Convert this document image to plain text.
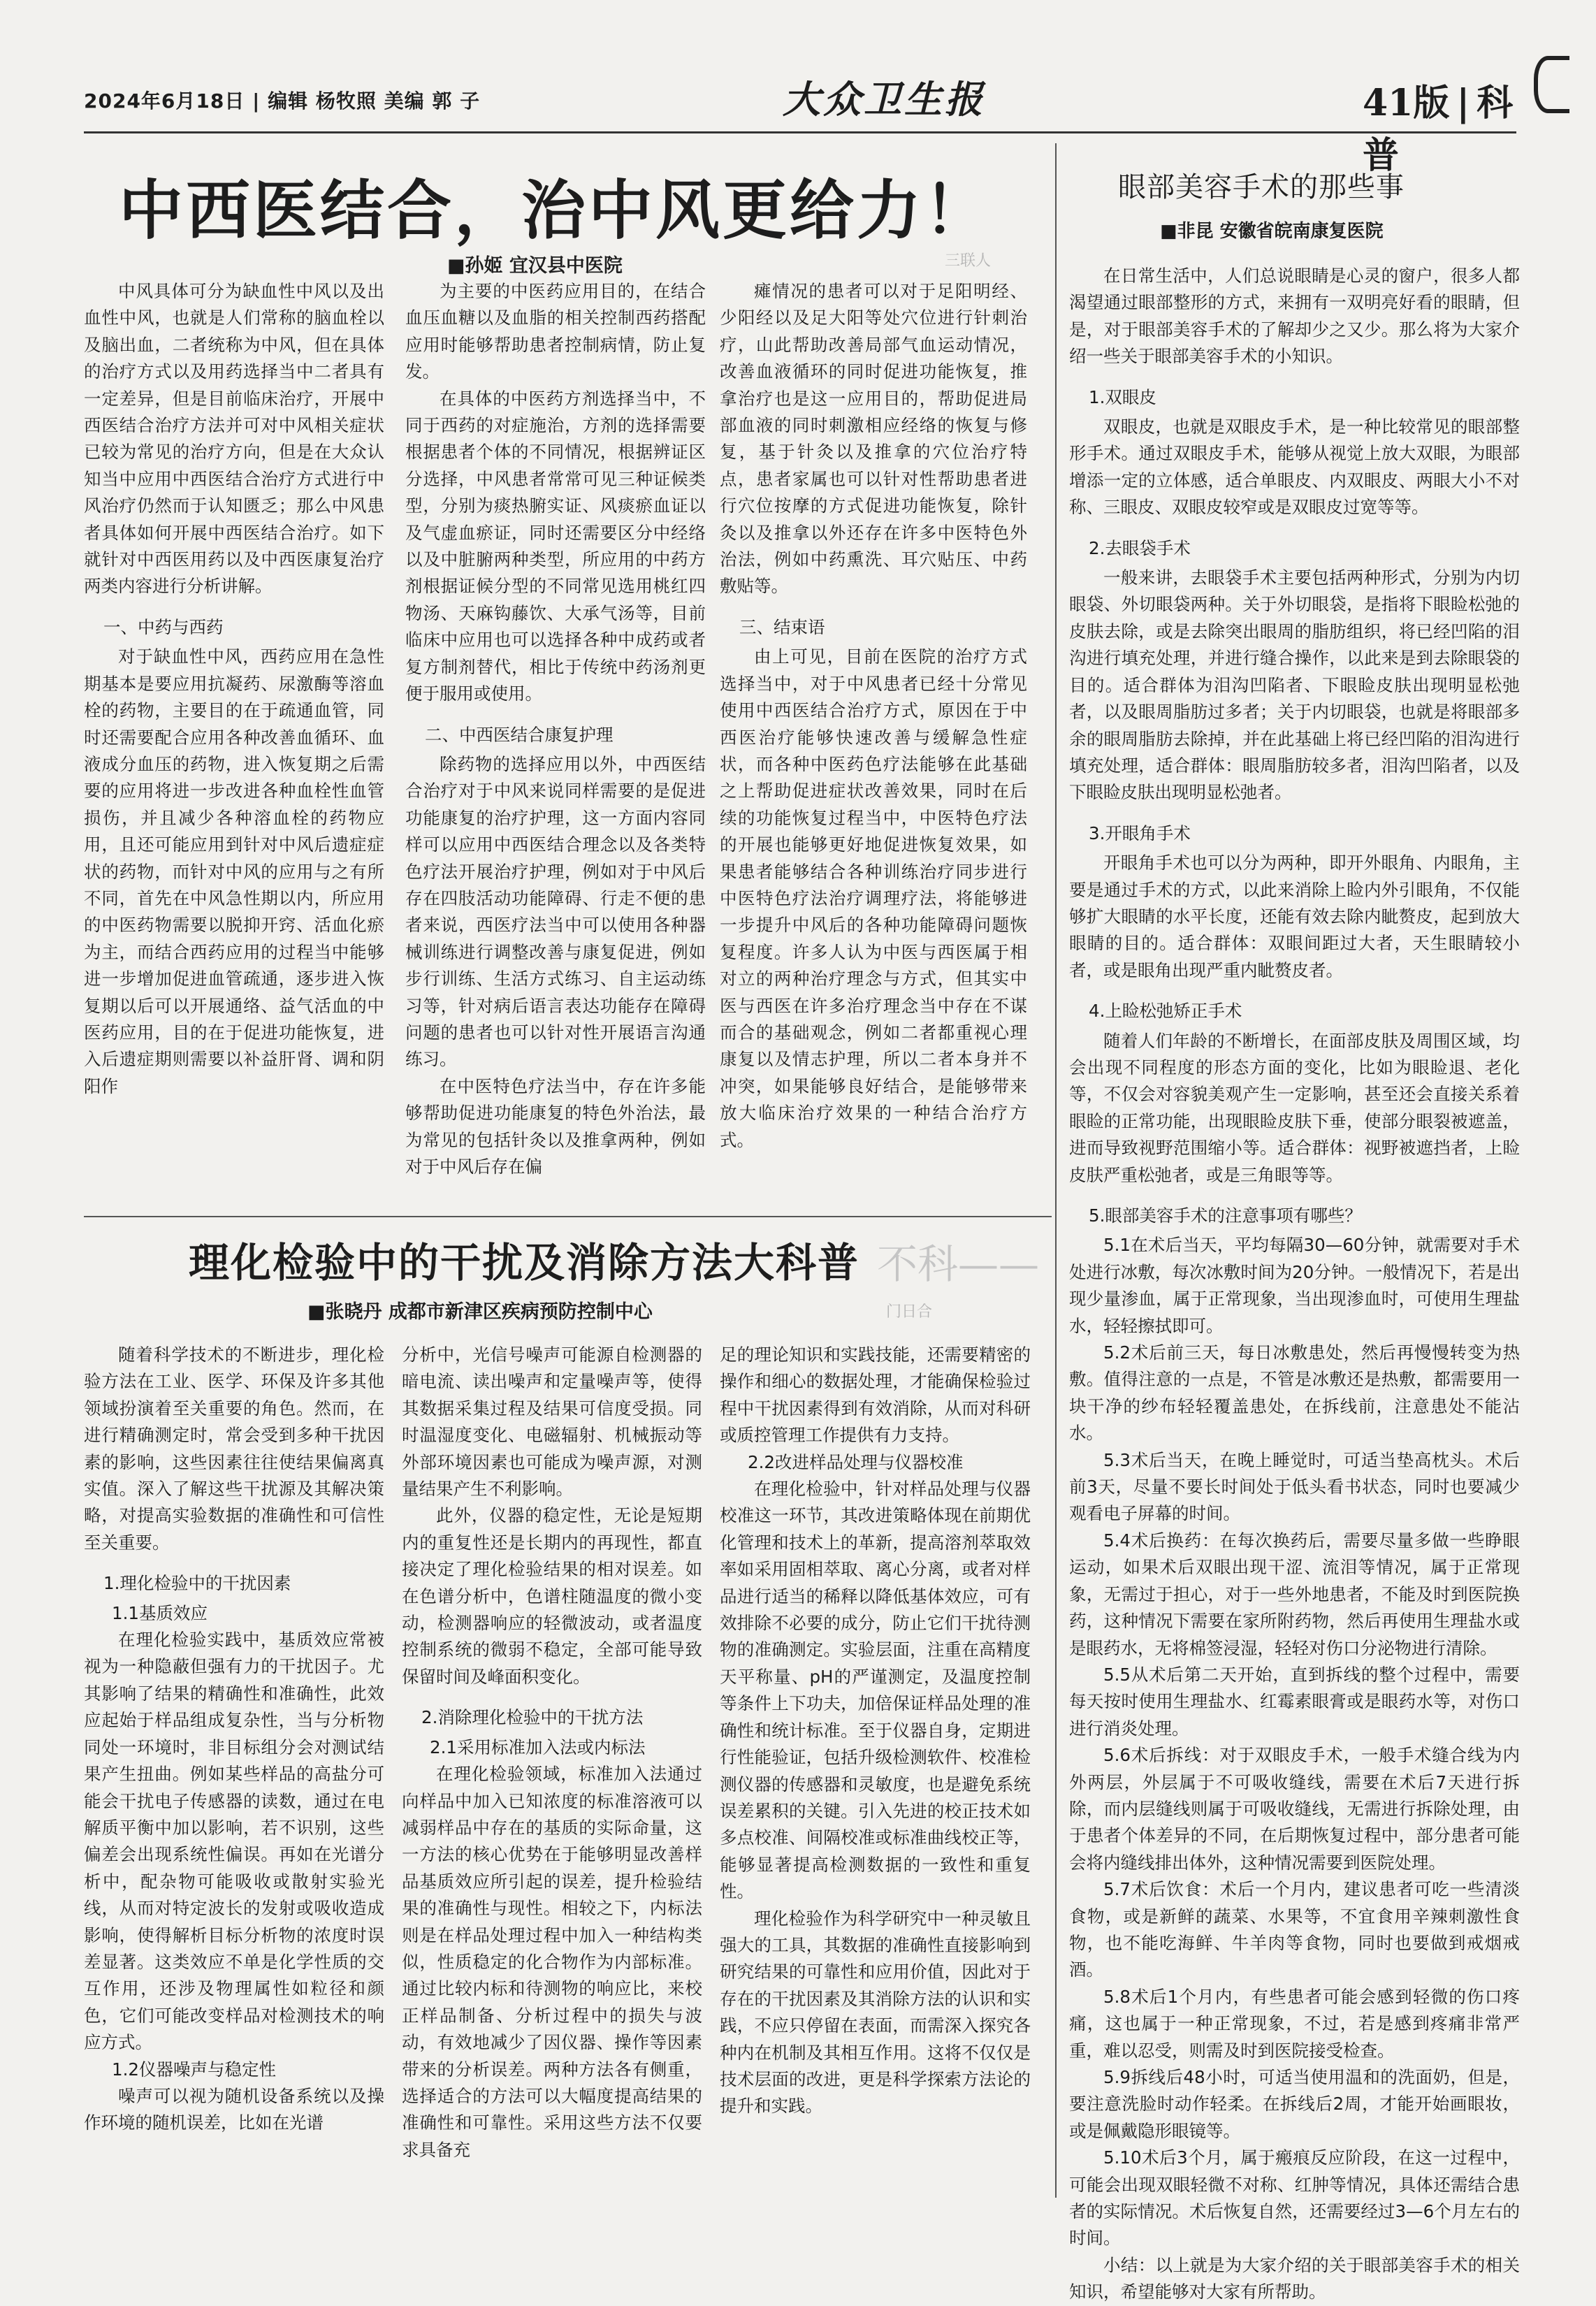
2024年6月18日 | 编辑 杨牧照 美编 郭 子	大众卫生报	41版 | 科普
中西医结合，治中风更给力！
■孙姬 宜汉县中医院	三联人
眼部美容手术的那些事
■非昆 安徽省皖南康复医院

中风具体可分为缺血性中风以及出血性中风，也就是人们常称的脑血栓以及脑出血，二者统称为中风，但在具体的治疗方式以及用药选择当中二者具有一定差异，但是目前临床治疗，开展中西医结合治疗方法并可对中风相关症状已较为常见的治疗方向，但是在大众认知当中应用中西医结合治疗方式进行中风治疗仍然而于认知匮乏；那么中风患者具体如何开展中西医结合治疗。如下就针对中西医用药以及中西医康复治疗两类内容进行分析讲解。

一、中药与西药

对于缺血性中风，西药应用在急性期基本是要应用抗凝药、尿激酶等溶血栓的药物，主要目的在于疏通血管，同时还需要配合应用各种改善血循环、血液成分血压的药物，进入恢复期之后需要的应用将进一步改进各种血栓性血管损伤，并且减少各种溶血栓的药物应用，且还可能应用到针对中风后遗症症状的药物，而针对中风的应用与之有所不同，首先在中风急性期以内，所应用的中医药物需要以脱抑开窍、活血化瘀为主，而结合西药应用的过程当中能够进一步增加促进血管疏通，逐步进入恢复期以后可以开展通络、益气活血的中医药应用，目的在于促进功能恢复，进入后遗症期则需要以补益肝肾、调和阴阳作

为主要的中医药应用目的，在结合血压血糖以及血脂的相关控制西药搭配应用时能够帮助患者控制病情，防止复发。

在具体的中医药方剂选择当中，不同于西药的对症施治，方剂的选择需要根据患者个体的不同情况，根据辨证区分选择，中风患者常常可见三种证候类型，分别为痰热腑实证、风痰瘀血证以及气虚血瘀证，同时还需要区分中经络以及中脏腑两种类型，所应用的中药方剂根据证候分型的不同常见选用桃红四物汤、天麻钩藤饮、大承气汤等，目前临床中应用也可以选择各种中成药或者复方制剂替代，相比于传统中药汤剂更便于服用或使用。

二、中西医结合康复护理

除药物的选择应用以外，中西医结合治疗对于中风来说同样需要的是促进功能康复的治疗护理，这一方面内容同样可以应用中西医结合理念以及各类特色疗法开展治疗护理，例如对于中风后存在四肢活动功能障碍、行走不便的患者来说，西医疗法当中可以使用各种器械训练进行调整改善与康复促进，例如步行训练、生活方式练习、自主运动练习等，针对病后语言表达功能存在障碍问题的患者也可以针对性开展语言沟通练习。

在中医特色疗法当中，存在许多能够帮助促进功能康复的特色外治法，最为常见的包括针灸以及推拿两种，例如对于中风后存在偏

瘫情况的患者可以对于足阳明经、少阳经以及足大阳等处穴位进行针刺治疗，山此帮助改善局部气血运动情况，改善血液循环的同时促进功能恢复，推拿治疗也是这一应用目的，帮助促进局部血液的同时刺激相应经络的恢复与修复，基于针灸以及推拿的穴位治疗特点，患者家属也可以针对性帮助患者进行穴位按摩的方式促进功能恢复，除针灸以及推拿以外还存在许多中医特色外治法，例如中药熏洗、耳穴贴压、中药敷贴等。

三、结束语

由上可见，目前在医院的治疗方式选择当中，对于中风患者已经十分常见使用中西医结合治疗方式，原因在于中西医治疗能够快速改善与缓解急性症状，而各种中医药色疗法能够在此基础之上帮助促进症状改善效果，同时在后续的功能恢复过程当中，中医特色疗法的开展也能够更好地促进恢复效果，如果患者能够结合各种训练治疗同步进行中医特色疗法治疗调理疗法，将能够进一步提升中风后的各种功能障碍问题恢复程度。许多人认为中医与西医属于相对立的两种治疗理念与方式，但其实中医与西医在许多治疗理念当中存在不谋而合的基础观念，例如二者都重视心理康复以及情志护理，所以二者本身并不冲突，如果能够良好结合，是能够带来放大临床治疗效果的一种结合治疗方式。

在日常生活中，人们总说眼睛是心灵的窗户，很多人都渴望通过眼部整形的方式，来拥有一双明亮好看的眼睛，但是，对于眼部美容手术的了解却少之又少。那么将为大家介绍一些关于眼部美容手术的小知识。

1.双眼皮

双眼皮，也就是双眼皮手术，是一种比较常见的眼部整形手术。通过双眼皮手术，能够从视觉上放大双眼，为眼部增添一定的立体感，适合单眼皮、内双眼皮、两眼大小不对称、三眼皮、双眼皮较窄或是双眼皮过宽等等。

2.去眼袋手术

一般来讲，去眼袋手术主要包括两种形式，分别为内切眼袋、外切眼袋两种。关于外切眼袋，是指将下眼睑松弛的皮肤去除，或是去除突出眼周的脂肪组织，将已经凹陷的泪沟进行填充处理，并进行缝合操作，以此来是到去除眼袋的目的。适合群体为泪沟凹陷者、下眼睑皮肤出现明显松弛者，以及眼周脂肪过多者；关于内切眼袋，也就是将眼部多余的眼周脂肪去除掉，并在此基础上将已经凹陷的泪沟进行填充处理，适合群体：眼周脂肪较多者，泪沟凹陷者，以及下眼睑皮肤出现明显松弛者。

3.开眼角手术

开眼角手术也可以分为两种，即开外眼角、内眼角，主要是通过手术的方式，以此来消除上睑内外引眼角，不仅能够扩大眼睛的水平长度，还能有效去除内眦赘皮，起到放大眼睛的目的。适合群体：双眼间距过大者，天生眼睛较小者，或是眼角出现严重内眦赘皮者。

4.上睑松弛矫正手术

随着人们年龄的不断增长，在面部皮肤及周围区域，均会出现不同程度的形态方面的变化，比如为眼睑退、老化等，不仅会对容貌美观产生一定影响，甚至还会直接关系着眼睑的正常功能，出现眼睑皮肤下垂，使部分眼裂被遮盖，进而导致视野范围缩小等。适合群体：视野被遮挡者，上睑皮肤严重松弛者，或是三角眼等等。

5.眼部美容手术的注意事项有哪些？

5.1在术后当天，平均每隔30—60分钟，就需要对手术处进行冰敷，每次冰敷时间为20分钟。一般情况下，若是出现少量渗血，属于正常现象，当出现渗血时，可使用生理盐水，轻轻擦拭即可。

5.2术后前三天，每日冰敷患处，然后再慢慢转变为热敷。值得注意的一点是，不管是冰敷还是热敷，都需要用一块干净的纱布轻轻覆盖患处，在拆线前，注意患处不能沾水。

5.3术后当天，在晚上睡觉时，可适当垫高枕头。术后前3天，尽量不要长时间处于低头看书状态，同时也要减少观看电子屏幕的时间。

5.4术后换药：在每次换药后，需要尽量多做一些睁眼运动，如果术后双眼出现干涩、流泪等情况，属于正常现象，无需过于担心，对于一些外地患者，不能及时到医院换药，这种情况下需要在家所附药物，然后再使用生理盐水或是眼药水，无将棉签浸湿，轻轻对伤口分泌物进行清除。

5.5从术后第二天开始，直到拆线的整个过程中，需要每天按时使用生理盐水、红霉素眼膏或是眼药水等，对伤口进行消炎处理。

5.6术后拆线：对于双眼皮手术，一般手术缝合线为内外两层，外层属于不可吸收缝线，需要在术后7天进行拆除，而内层缝线则属于可吸收缝线，无需进行拆除处理，由于患者个体差异的不同，在后期恢复过程中，部分患者可能会将内缝线排出体外，这种情况需要到医院处理。

5.7术后饮食：术后一个月内，建议患者可吃一些清淡食物，或是新鲜的蔬菜、水果等，不宜食用辛辣刺激性食物，也不能吃海鲜、牛羊肉等食物，同时也要做到戒烟戒酒。

5.8术后1个月内，有些患者可能会感到轻微的伤口疼痛，这也属于一种正常现象，不过，若是感到疼痛非常严重，难以忍受，则需及时到医院接受检查。

5.9拆线后48小时，可适当使用温和的洗面奶，但是，要注意洗脸时动作轻柔。在拆线后2周，才能开始画眼妆，或是佩戴隐形眼镜等。

5.10术后3个月，属于瘢痕反应阶段，在这一过程中，可能会出现双眼轻微不对称、红肿等情况，具体还需结合患者的实际情况。术后恢复自然，还需要经过3—6个月左右的时间。

小结：以上就是为大家介绍的关于眼部美容手术的相关知识，希望能够对大家有所帮助。

理化检验中的干扰及消除方法大科普 不科——
■张晓丹 成都市新津区疾病预防控制中心	门日合

随着科学技术的不断进步，理化检验方法在工业、医学、环保及许多其他领域扮演着至关重要的角色。然而，在进行精确测定时，常会受到多种干扰因素的影响，这些因素往往使结果偏离真实值。深入了解这些干扰源及其解决策略，对提高实验数据的准确性和可信性至关重要。

1.理化检验中的干扰因素

1.1基质效应

在理化检验实践中，基质效应常被视为一种隐蔽但强有力的干扰因子。尤其影响了结果的精确性和准确性，此效应起始于样品组成复杂性，当与分析物同处一环境时，非目标组分会对测试结果产生扭曲。例如某些样品的高盐分可能会干扰电子传感器的读数，通过在电解质平衡中加以影响，若不识别，这些偏差会出现系统性偏误。再如在光谱分析中，配杂物可能吸收或散射实验光线，从而对特定波长的发射或吸收造成影响，使得解析目标分析物的浓度时误差显著。这类效应不单是化学性质的交互作用，还涉及物理属性如粒径和颜色，它们可能改变样品对检测技术的响应方式。

1.2仪器噪声与稳定性

噪声可以视为随机设备系统以及操作环境的随机误差，比如在光谱

分析中，光信号噪声可能源自检测器的暗电流、读出噪声和定量噪声等，使得其数据采集过程及结果可信度受损。同时温湿度变化、电磁辐射、机械振动等外部环境因素也可能成为噪声源，对测量结果产生不利影响。

此外，仪器的稳定性，无论是短期内的重复性还是长期内的再现性，都直接决定了理化检验结果的相对误差。如在色谱分析中，色谱柱随温度的微小变动，检测器响应的轻微波动，或者温度控制系统的微弱不稳定，全部可能导致保留时间及峰面积变化。

2.消除理化检验中的干扰方法

2.1采用标准加入法或内标法

在理化检验领域，标准加入法通过向样品中加入已知浓度的标准溶液可以减弱样品中存在的基质的实际命量，这一方法的核心优势在于能够明显改善样品基质效应所引起的误差，提升检验结果的准确性与现性。相较之下，内标法则是在样品处理过程中加入一种结构类似，性质稳定的化合物作为内部标准。通过比较内标和待测物的响应比，来校正样品制备、分析过程中的损失与波动，有效地减少了因仪器、操作等因素带来的分析误差。两种方法各有侧重，选择适合的方法可以大幅度提高结果的准确性和可靠性。采用这些方法不仅要求具备充

足的理论知识和实践技能，还需要精密的操作和细心的数据处理，才能确保检验过程中干扰因素得到有效消除，从而对科研或质控管理工作提供有力支持。

2.2改进样品处理与仪器校准

在理化检验中，针对样品处理与仪器校准这一环节，其改进策略体现在前期优化管理和技术上的革新，提高溶剂萃取效率如采用固相萃取、离心分离，或者对样品进行适当的稀释以降低基体效应，可有效排除不必要的成分，防止它们干扰待测物的准确测定。实验层面，注重在高精度天平称量、pH的严谨测定，及温度控制等条件上下功夫，加倍保证样品处理的准确性和统计标准。至于仪器自身，定期进行性能验证，包括升级检测软件、校准检测仪器的传感器和灵敏度，也是避免系统误差累积的关键。引入先进的校正技术如多点校准、间隔校准或标准曲线校正等，能够显著提高检测数据的一致性和重复性。

理化检验作为科学研究中一种灵敏且强大的工具，其数据的准确性直接影响到研究结果的可靠性和应用价值，因此对于存在的干扰因素及其消除方法的认识和实践，不应只停留在表面，而需深入探究各种内在机制及其相互作用。这将不仅仅是技术层面的改进，更是科学探索方法论的提升和实践。
